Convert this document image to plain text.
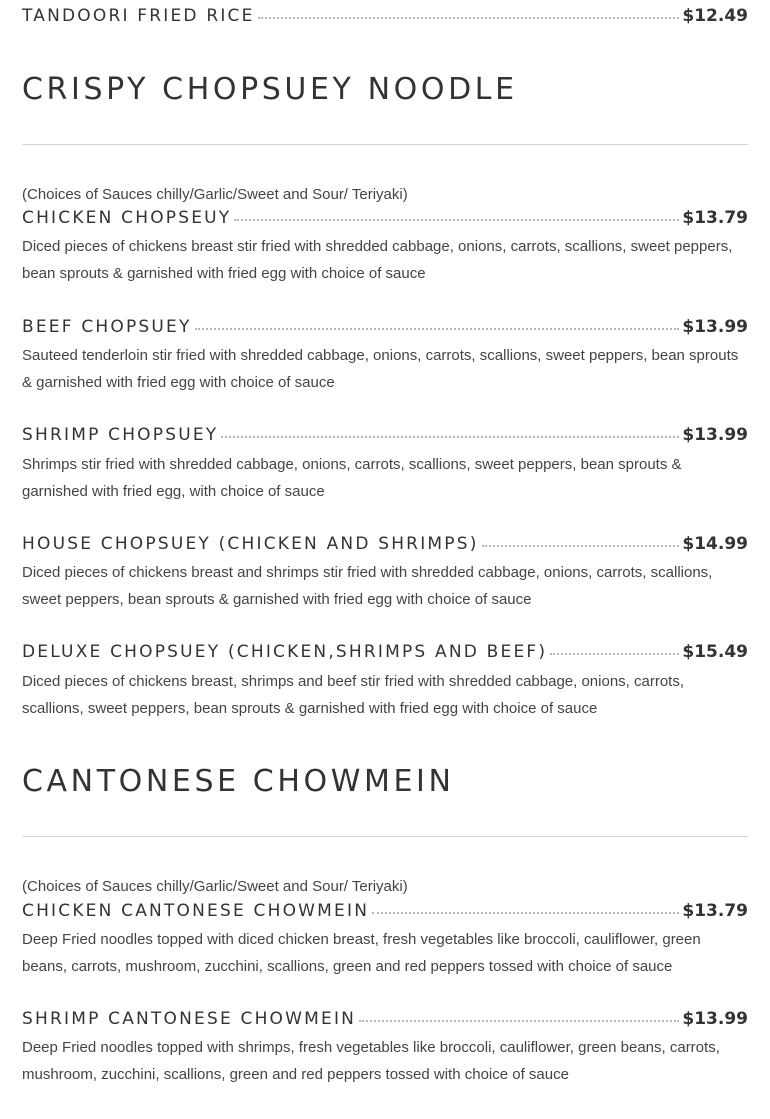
TANDOORI FRIED RICE	$12.49
CRISPY CHOPSUEY NOODLE
(Choices of Sauces chilly/Garlic/Sweet and Sour/ Teriyaki)
CHICKEN CHOPSEUY	$13.79
Diced pieces of chickens breast stir fried with shredded cabbage, onions, carrots, scallions, sweet peppers, bean sprouts & garnished with fried egg with choice of sauce
BEEF CHOPSUEY	$13.99
Sauteed tenderloin stir fried with shredded cabbage, onions, carrots, scallions, sweet peppers, bean sprouts & garnished with fried egg with choice of sauce
SHRIMP CHOPSUEY	$13.99
Shrimps stir fried with shredded cabbage, onions, carrots, scallions, sweet peppers, bean sprouts & garnished with fried egg, with choice of sauce
HOUSE CHOPSUEY (CHICKEN AND SHRIMPS)	$14.99
Diced pieces of chickens breast and shrimps stir fried with shredded cabbage, onions, carrots, scallions, sweet peppers, bean sprouts & garnished with fried egg with choice of sauce
DELUXE CHOPSUEY (CHICKEN,SHRIMPS AND BEEF)	$15.49
Diced pieces of chickens breast, shrimps and beef stir fried with shredded cabbage, onions, carrots, scallions, sweet peppers, bean sprouts & garnished with fried egg with choice of sauce
CANTONESE CHOWMEIN
(Choices of Sauces chilly/Garlic/Sweet and Sour/ Teriyaki)
CHICKEN CANTONESE CHOWMEIN	$13.79
Deep Fried noodles topped with diced chicken breast, fresh vegetables like broccoli, cauliflower, green beans, carrots, mushroom, zucchini, scallions, green and red peppers tossed with choice of sauce
SHRIMP CANTONESE CHOWMEIN	$13.99
Deep Fried noodles topped with shrimps, fresh vegetables like broccoli, cauliflower, green beans, carrots, mushroom, zucchini, scallions, green and red peppers tossed with choice of sauce
